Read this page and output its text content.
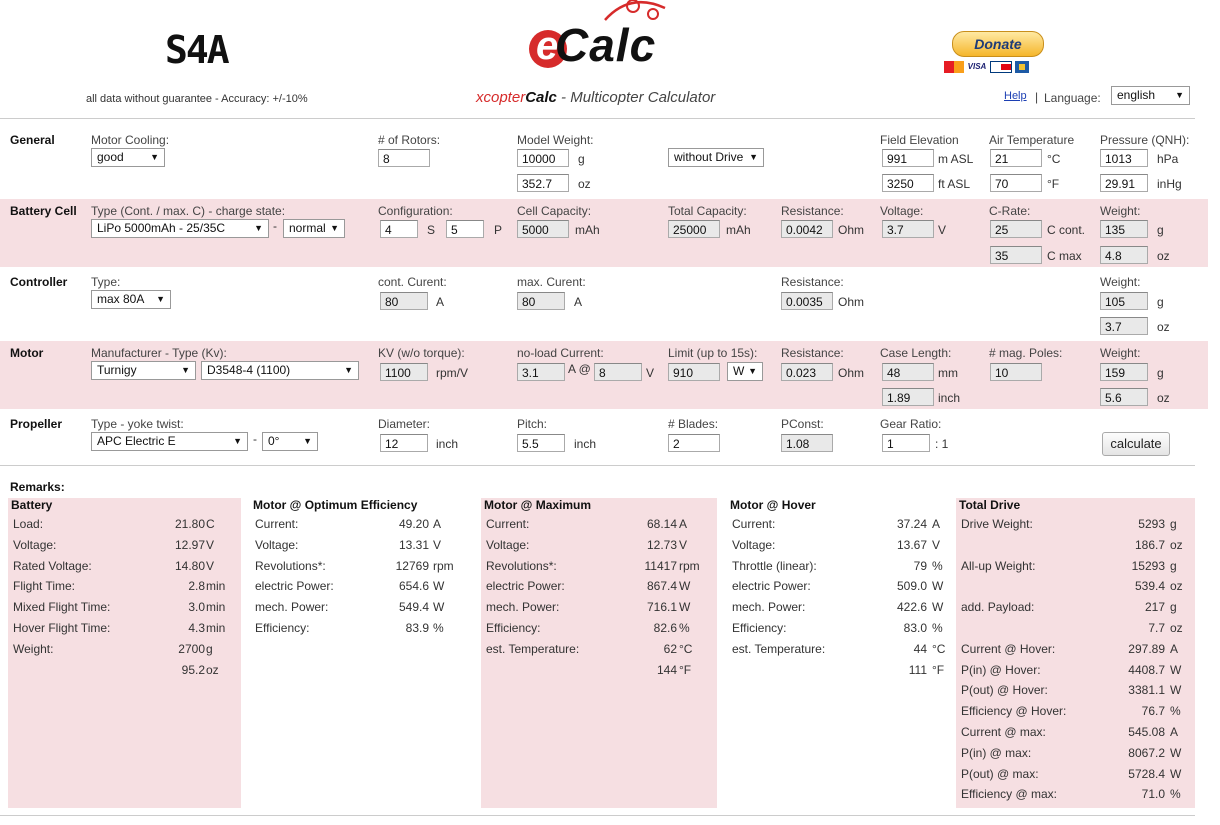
S4A
all data without guarantee - Accuracy: +/-10%
e
Calc
xcopterCalc - Multicopter Calculator
Donate
VISA
Help | Language:	english ▼
General	Motor Cooling:
good	▼
# of Rotors:
8
Model Weight:
10000	g
352.7	oz
without Drive ▼
Field Elevation
991	m ASL
3250	ft ASL
Air Temperature
21	°C
70	°F
Pressure (QNH):
1013	hPa
29.91	inHg
Battery Cell Type (Cont. / max. C) - charge state:
LiPo 5000mAh - 25/35C	▼ -	normal ▼
Configuration:
4	S	5	P
Cell Capacity:
5000	mAh
Total Capacity:
25000	mAh
Resistance:
0.0042	Ohm
Voltage:
3.7	V
C-Rate:
25	C cont.
35	C max
Weight:
135	g
4.8	oz
Controller Type:
max 80A ▼
cont. Curent:
80	A
max. Curent:
80	A
Resistance:
0.0035	Ohm
Weight:
105	g
3.7	oz
Motor	Manufacturer - Type (Kv):
Turnigy	▼	D3548-4 (1100)	▼
KV (w/o torque):
1100	rpm/V
no-load Current:
3.1	A @ 8	V
Limit (up to 15s):
910	W ▼
Resistance:
0.023	Ohm
Case Length:
48	mm
1.89	inch
# mag. Poles:
10
Weight:
159	g
5.6	oz
Propeller Type - yoke twist:
APC Electric E	▼ - 0°	▼
Diameter:
12	inch
Pitch:
5.5	inch
# Blades:
2
PConst:
1.08
Gear Ratio:
1	: 1	calculate
Remarks:
Battery
Load:	21.80 C
Voltage:	12.97 V
Rated Voltage:	14.80 V
Flight Time:	2.8 min
Mixed Flight Time:	3.0 min
Hover Flight Time:	4.3 min
Weight:	2700 g
95.2 oz
Motor @ Optimum Efficiency
Current:	49.20 A
Voltage:	13.31 V
Revolutions*:	12769 rpm
electric Power:	654.6 W
mech. Power:	549.4 W
Efficiency:	83.9 %
Motor @ Maximum
Current:	68.14 A
Voltage:	12.73 V
Revolutions*:	11417 rpm
electric Power:	867.4 W
mech. Power:	716.1 W
Efficiency:	82.6 %
est. Temperature:	62 °C
144 °F
Motor @ Hover
Current:	37.24 A
Voltage:	13.67 V
Throttle (linear):	79 %
electric Power:	509.0 W
mech. Power:	422.6 W
Efficiency:	83.0 %
est. Temperature:	44 °C
111 °F
Total Drive
Drive Weight:	5293 g
186.7 oz
All-up Weight:	15293 g
539.4 oz
add. Payload:	217 g
7.7 oz
Current @ Hover:	297.89 A
P(in) @ Hover:	4408.7 W
P(out) @ Hover:	3381.1 W
Efficiency @ Hover:	76.7 %
Current @ max:	545.08 A
P(in) @ max:	8067.2 W
P(out) @ max:	5728.4 W
Efficiency @ max:	71.0 %
